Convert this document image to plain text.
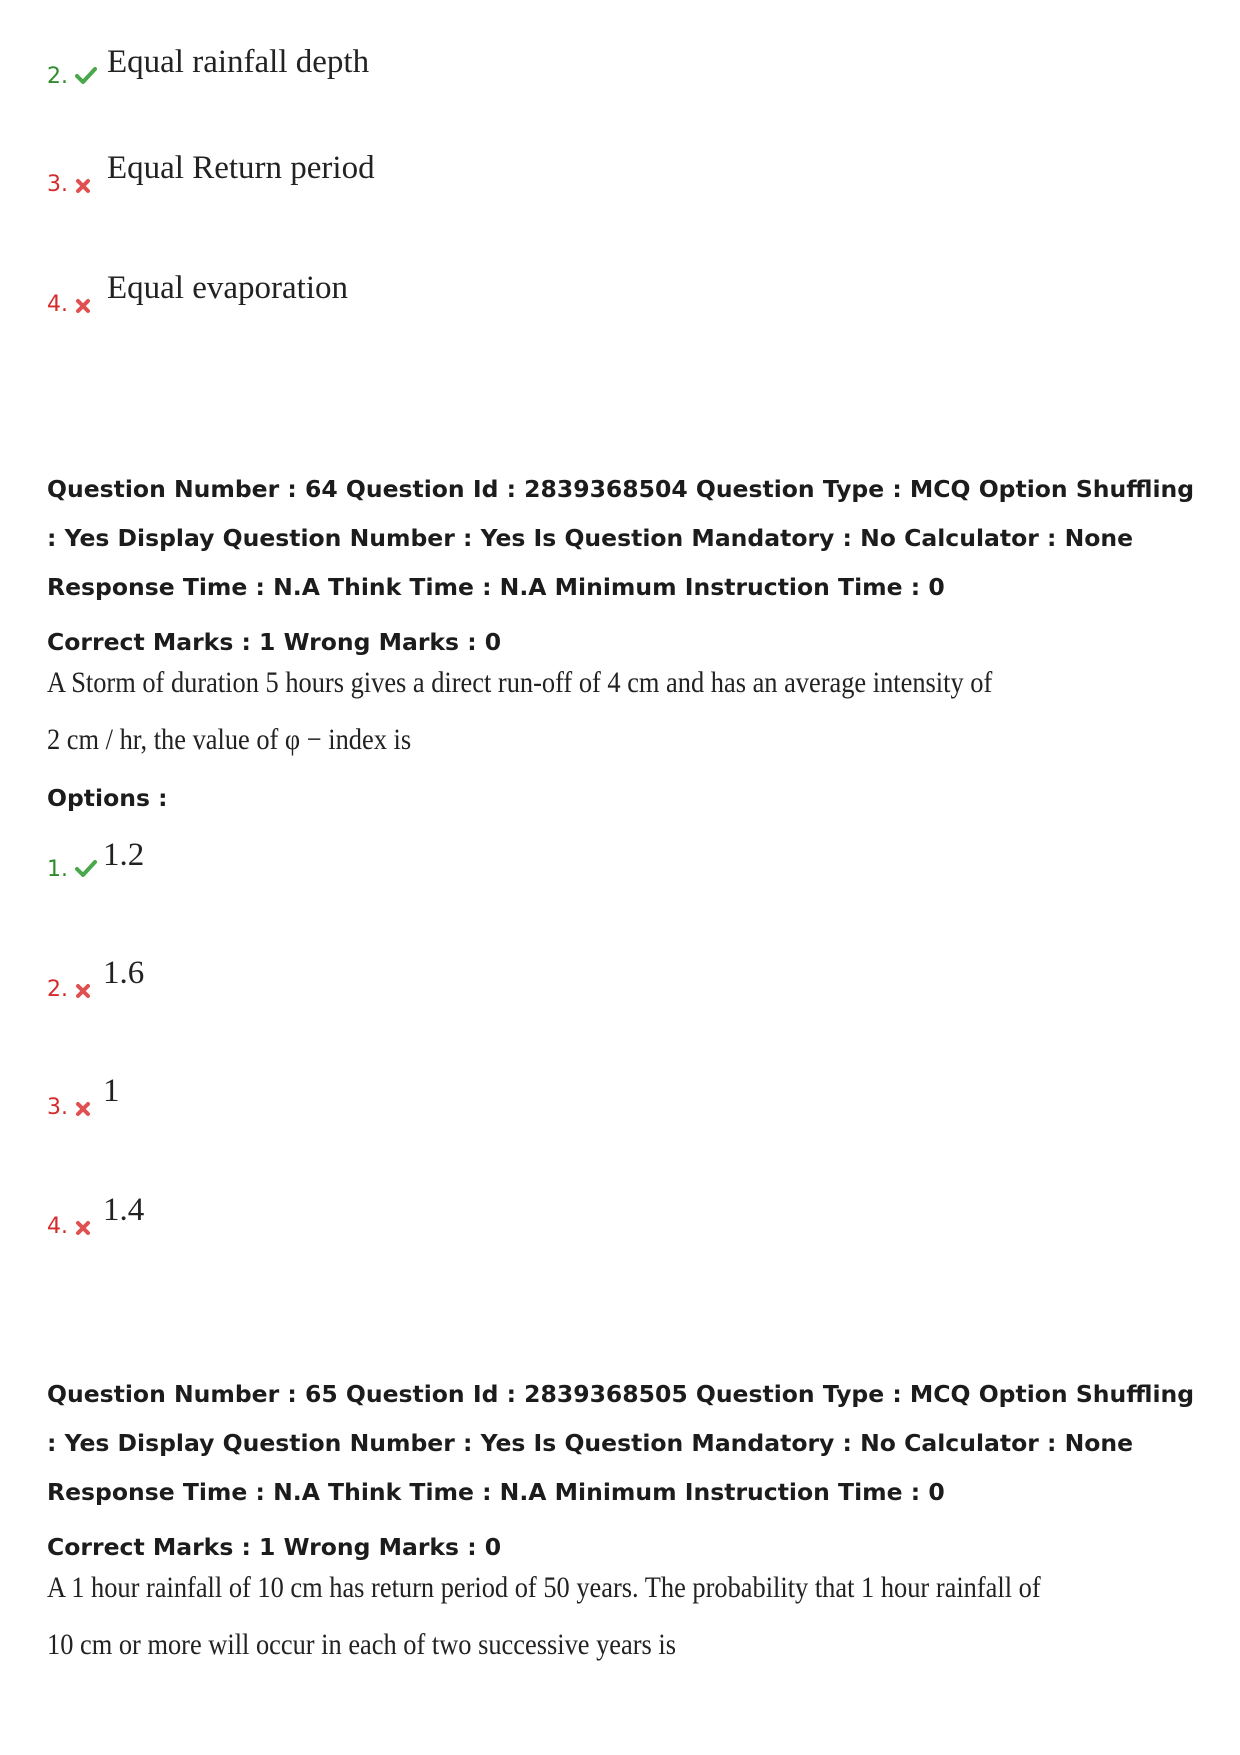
2. Equal rainfall depth
3. Equal Return period
4. Equal evaporation
Question Number : 64 Question Id : 2839368504 Question Type : MCQ Option Shuffling : Yes Display Question Number : Yes Is Question Mandatory : No Calculator : None Response Time : N.A Think Time : N.A Minimum Instruction Time : 0
Correct Marks : 1 Wrong Marks : 0
A Storm of duration 5 hours gives a direct run-off of 4 cm and has an average intensity of
2 cm / hr, the value of φ − index is
Options :
1. 1.2
2. 1.6
3. 1
4. 1.4
Question Number : 65 Question Id : 2839368505 Question Type : MCQ Option Shuffling : Yes Display Question Number : Yes Is Question Mandatory : No Calculator : None Response Time : N.A Think Time : N.A Minimum Instruction Time : 0
Correct Marks : 1 Wrong Marks : 0
A 1 hour rainfall of 10 cm has return period of 50 years. The probability that 1 hour rainfall of
10 cm or more will occur in each of two successive years is
